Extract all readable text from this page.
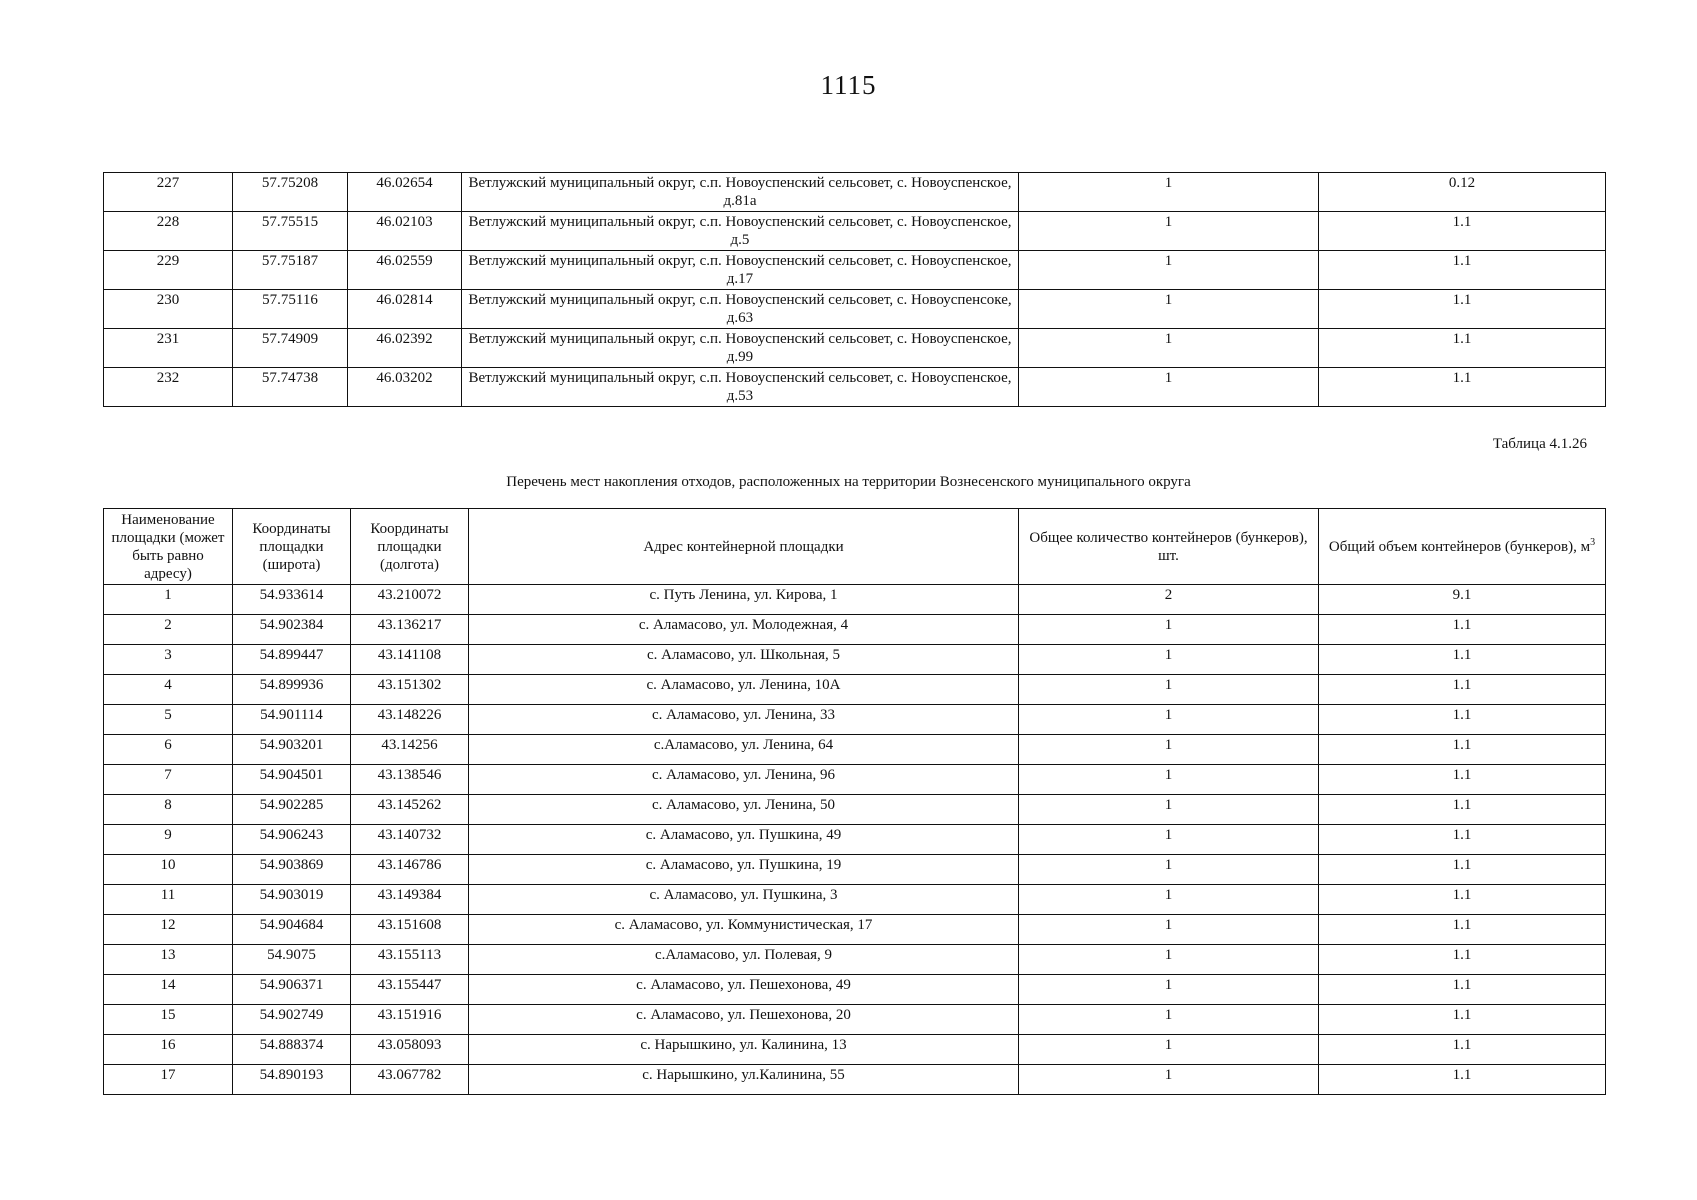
1115
227	57.75208	46.02654	Ветлужский муниципальный округ, с.п. Новоуспенский сельсовет, с. Новоуспенское, д.81а	1	0.12
228	57.75515	46.02103	Ветлужский муниципальный округ, с.п. Новоуспенский сельсовет, с. Новоуспенское, д.5	1	1.1
229	57.75187	46.02559	Ветлужский муниципальный округ, с.п. Новоуспенский сельсовет, с. Новоуспенское, д.17	1	1.1
230	57.75116	46.02814	Ветлужский муниципальный округ, с.п. Новоуспенский сельсовет, с. Новоуспенсоке, д.63	1	1.1
231	57.74909	46.02392	Ветлужский муниципальный округ, с.п. Новоуспенский сельсовет, с. Новоуспенское, д.99	1	1.1
232	57.74738	46.03202	Ветлужский муниципальный округ, с.п. Новоуспенский сельсовет, с. Новоуспенское, д.53	1	1.1
Таблица 4.1.26
Перечень мест накопления отходов, расположенных на территории Вознесенского муниципального округа
Наименование площадки (может быть равно адресу)	Координаты площадки (широта)	Координаты площадки (долгота)	Адрес контейнерной площадки	Общее количество контейнеров (бункеров), шт.	Общий объем контейнеров (бункеров), $м^3$
1	54.933614	43.210072	с. Путь Ленина, ул. Кирова, 1	2	9.1
2	54.902384	43.136217	с. Аламасово, ул. Молодежная, 4	1	1.1
3	54.899447	43.141108	с. Аламасово, ул. Школьная, 5	1	1.1
4	54.899936	43.151302	с. Аламасово, ул. Ленина, 10А	1	1.1
5	54.901114	43.148226	с. Аламасово, ул. Ленина, 33	1	1.1
6	54.903201	43.14256	с.Аламасово, ул. Ленина, 64	1	1.1
7	54.904501	43.138546	с. Аламасово, ул. Ленина, 96	1	1.1
8	54.902285	43.145262	с. Аламасово, ул. Ленина, 50	1	1.1
9	54.906243	43.140732	с. Аламасово, ул. Пушкина, 49	1	1.1
10	54.903869	43.146786	с. Аламасово, ул. Пушкина, 19	1	1.1
11	54.903019	43.149384	с. Аламасово, ул. Пушкина, 3	1	1.1
12	54.904684	43.151608	с. Аламасово, ул. Коммунистическая, 17	1	1.1
13	54.9075	43.155113	с.Аламасово, ул. Полевая, 9	1	1.1
14	54.906371	43.155447	с. Аламасово, ул. Пешехонова, 49	1	1.1
15	54.902749	43.151916	с. Аламасово, ул. Пешехонова, 20	1	1.1
16	54.888374	43.058093	с. Нарышкино, ул. Калинина, 13	1	1.1
17	54.890193	43.067782	с. Нарышкино, ул.Калинина, 55	1	1.1
